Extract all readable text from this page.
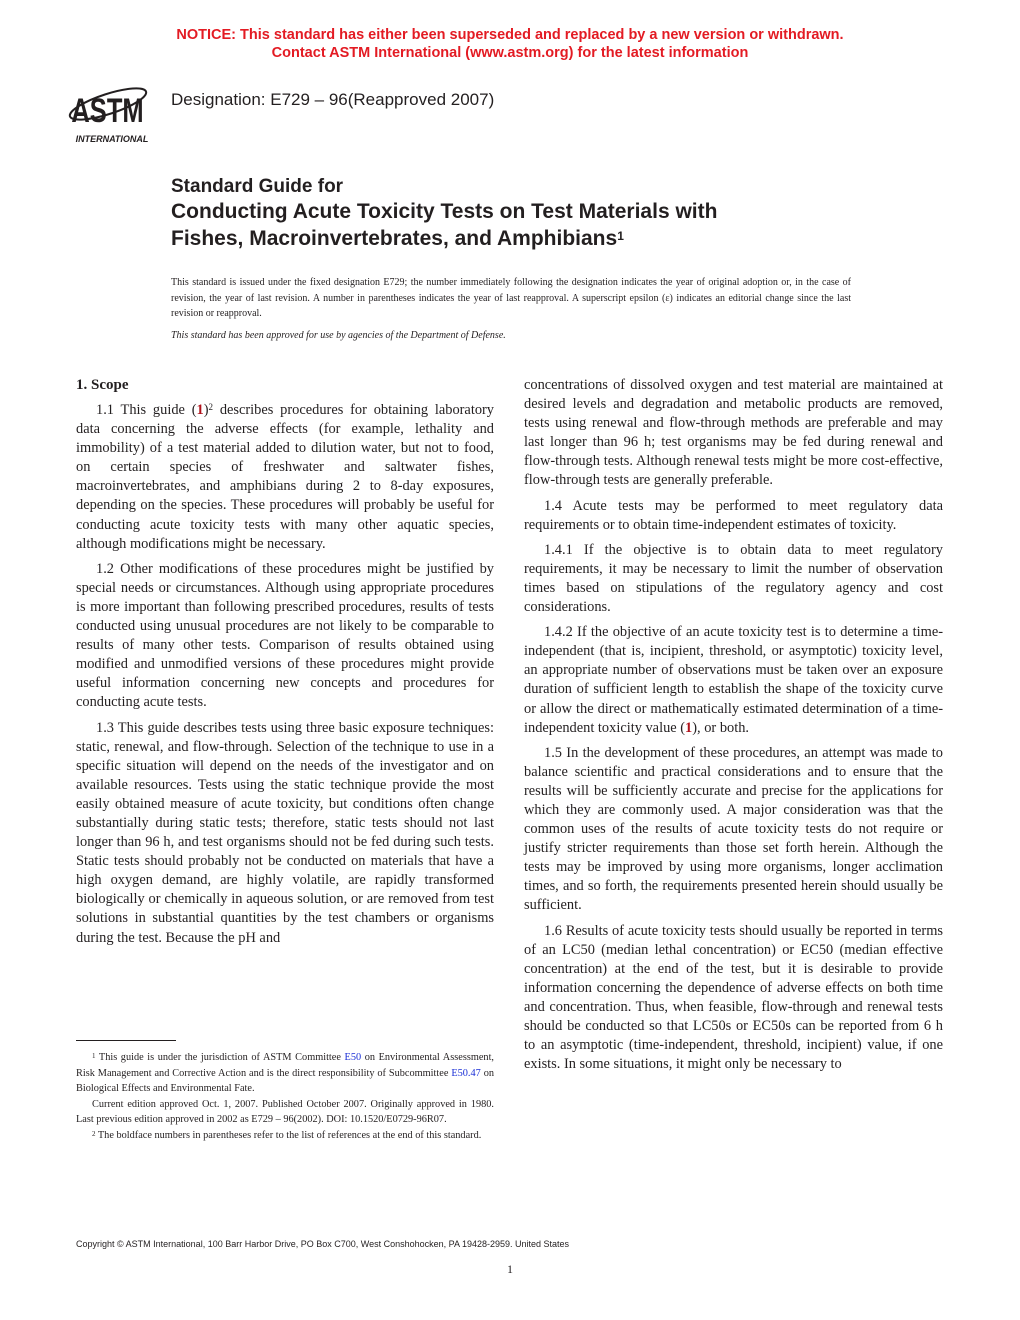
NOTICE: This standard has either been superseded and replaced by a new version or withdrawn.
Contact ASTM International (www.astm.org) for the latest information
ASTM
INTERNATIONAL
Designation: E729 – 96(Reapproved 2007)
Standard Guide for
Conducting Acute Toxicity Tests on Test Materials with
Fishes, Macroinvertebrates, and Amphibians$^1$
This standard is issued under the fixed designation E729; the number immediately following the designation indicates the year of original adoption or, in the case of revision, the year of last revision. A number in parentheses indicates the year of last reapproval. A superscript epsilon (ε) indicates an editorial change since the last revision or reapproval.
This standard has been approved for use by agencies of the Department of Defense.
1. Scope

1.1 This guide $(1)^2$ describes procedures for obtaining laboratory data concerning the adverse effects (for example, lethality and immobility) of a test material added to dilution water, but not to food, on certain species of freshwater and saltwater fishes, macroinvertebrates, and amphibians during 2 to 8-day exposures, depending on the species. These procedures will probably be useful for conducting acute toxicity tests with many other aquatic species, although modifications might be necessary.

1.2 Other modifications of these procedures might be justified by special needs or circumstances. Although using appropriate procedures is more important than following prescribed procedures, results of tests conducted using unusual procedures are not likely to be comparable to results of many other tests. Comparison of results obtained using modified and unmodified versions of these procedures might provide useful information concerning new concepts and procedures for conducting acute tests.

1.3 This guide describes tests using three basic exposure techniques: static, renewal, and flow-through. Selection of the technique to use in a specific situation will depend on the needs of the investigator and on available resources. Tests using the static technique provide the most easily obtained measure of acute toxicity, but conditions often change substantially during static tests; therefore, static tests should not last longer than 96 h, and test organisms should not be fed during such tests. Static tests should probably not be conducted on materials that have a high oxygen demand, are highly volatile, are rapidly transformed biologically or chemically in aqueous solution, or are removed from test solutions in substantial quantities by the test chambers or organisms during the test. Because the pH and

$^1$ This guide is under the jurisdiction of ASTM Committee E50 on Environmental Assessment, Risk Management and Corrective Action and is the direct responsibility of Subcommittee E50.47 on Biological Effects and Environmental Fate.

Current edition approved Oct. 1, 2007. Published October 2007. Originally approved in 1980. Last previous edition approved in 2002 as E729 – 96(2002). DOI: 10.1520/E0729-96R07.

$^2$ The boldface numbers in parentheses refer to the list of references at the end of this standard.

concentrations of dissolved oxygen and test material are maintained at desired levels and degradation and metabolic products are removed, tests using renewal and flow-through methods are preferable and may last longer than 96 h; test organisms may be fed during renewal and flow-through tests. Although renewal tests might be more cost-effective, flow-through tests are generally preferable.

1.4 Acute tests may be performed to meet regulatory data requirements or to obtain time-independent estimates of toxicity.

1.4.1 If the objective is to obtain data to meet regulatory requirements, it may be necessary to limit the number of observation times based on stipulations of the regulatory agency and cost considerations.

1.4.2 If the objective of an acute toxicity test is to determine a time-independent (that is, incipient, threshold, or asymptotic) toxicity level, an appropriate number of observations must be taken over an exposure duration of sufficient length to establish the shape of the toxicity curve or allow the direct or mathematically estimated determination of a time-independent toxicity value (1), or both.

1.5 In the development of these procedures, an attempt was made to balance scientific and practical considerations and to ensure that the results will be sufficiently accurate and precise for the applications for which they are commonly used. A major consideration was that the common uses of the results of acute toxicity tests do not require or justify stricter requirements than those set forth herein. Although the tests may be improved by using more organisms, longer acclimation times, and so forth, the requirements presented herein should usually be sufficient.

1.6 Results of acute toxicity tests should usually be reported in terms of an LC50 (median lethal concentration) or EC50 (median effective concentration) at the end of the test, but it is desirable to provide information concerning the dependence of adverse effects on both time and concentration. Thus, when feasible, flow-through and renewal tests should be conducted so that LC50s or EC50s can be reported from 6 h to an asymptotic (time-independent, threshold, incipient) value, if one exists. In some situations, it might only be necessary to

Copyright © ASTM International, 100 Barr Harbor Drive, PO Box C700, West Conshohocken, PA 19428-2959. United States
1
